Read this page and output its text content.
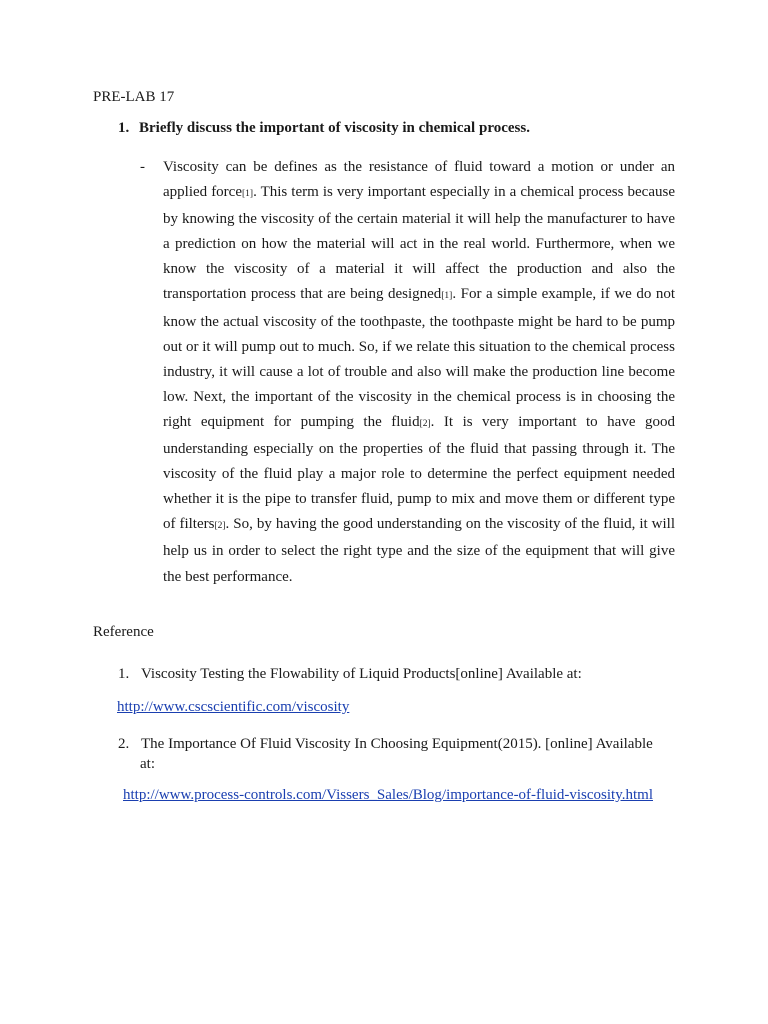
PRE-LAB 17
1. Briefly discuss the important of viscosity in chemical process.
- Viscosity can be defines as the resistance of fluid toward a motion or under an applied force[1]. This term is very important especially in a chemical process because by knowing the viscosity of the certain material it will help the manufacturer to have a prediction on how the material will act in the real world. Furthermore, when we know the viscosity of a material it will affect the production and also the transportation process that are being designed[1]. For a simple example, if we do not know the actual viscosity of the toothpaste, the toothpaste might be hard to be pump out or it will pump out to much. So, if we relate this situation to the chemical process industry, it will cause a lot of trouble and also will make the production line become low. Next, the important of the viscosity in the chemical process is in choosing the right equipment for pumping the fluid[2]. It is very important to have good understanding especially on the properties of the fluid that passing through it. The viscosity of the fluid play a major role to determine the perfect equipment needed whether it is the pipe to transfer fluid, pump to mix and move them or different type of filters[2]. So, by having the good understanding on the viscosity of the fluid, it will help us in order to select the right type and the size of the equipment that will give the best performance.
Reference
1. Viscosity Testing the Flowability of Liquid Products[online] Available at:
http://www.cscscientific.com/viscosity
2. The Importance Of Fluid Viscosity In Choosing Equipment(2015). [online] Available
at:
http://www.process-controls.com/Vissers_Sales/Blog/importance-of-fluid-viscosity.html
